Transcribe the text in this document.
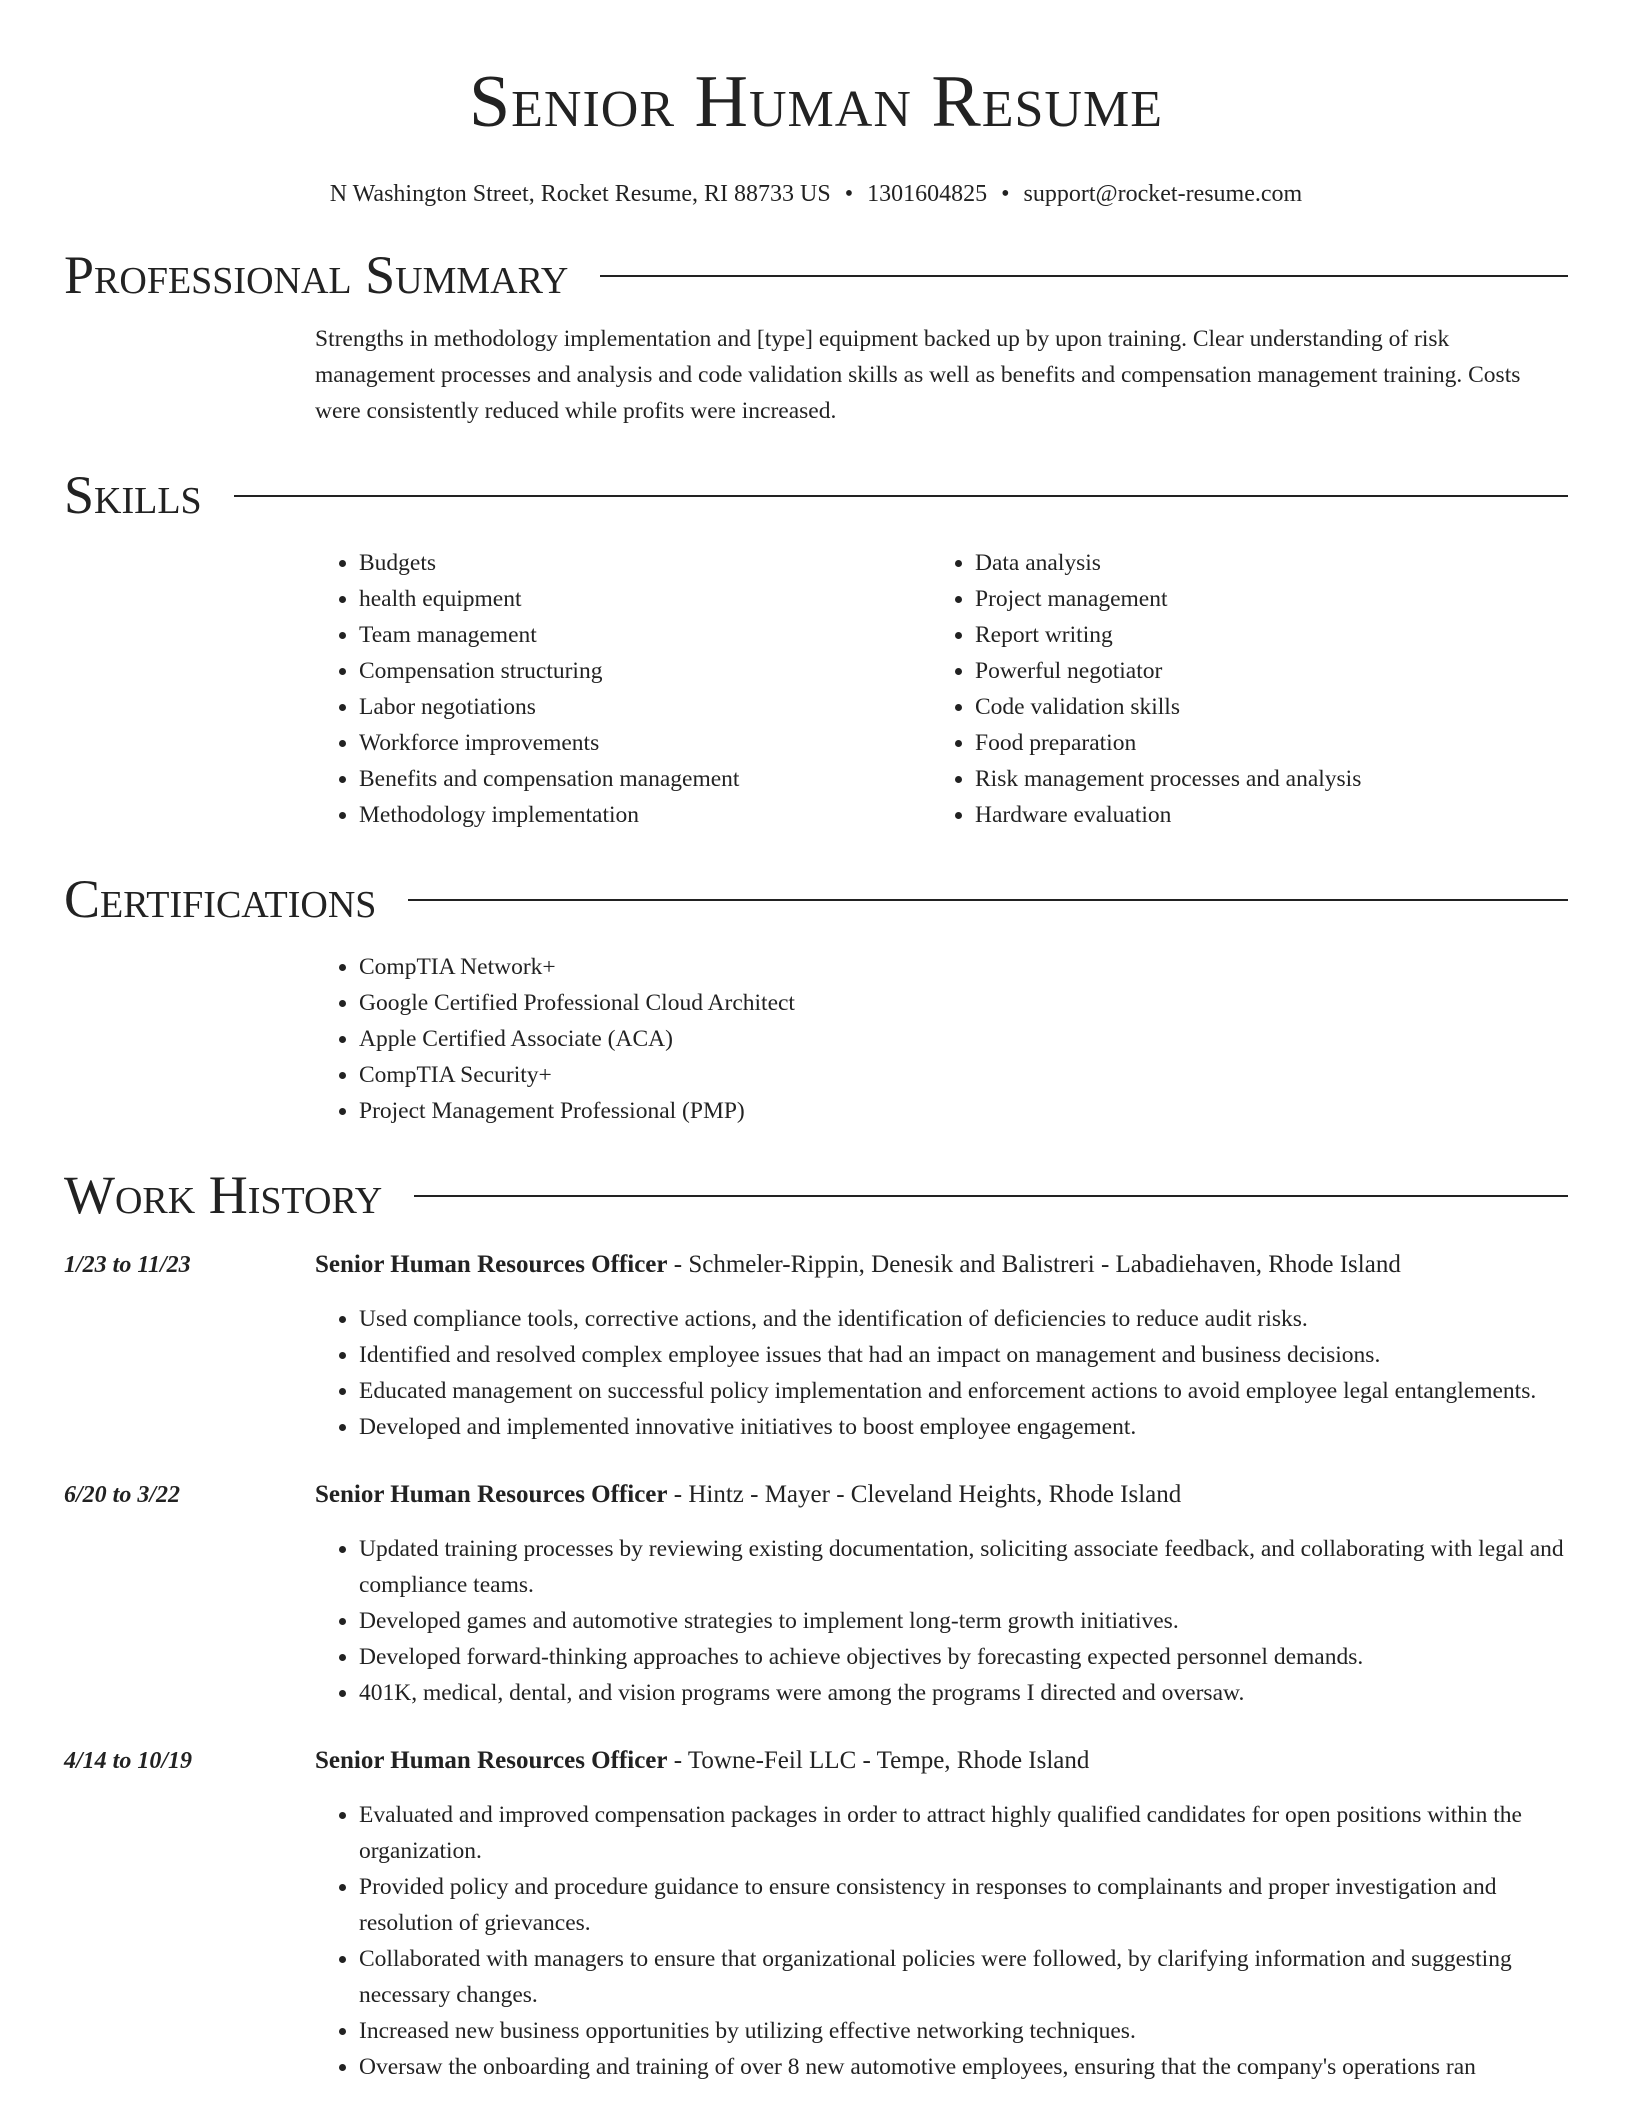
Senior Human Resume
N Washington Street, Rocket Resume, RI 88733 US • 1301604825 • support@rocket-resume.com
Professional Summary
Strengths in methodology implementation and [type] equipment backed up by upon training. Clear understanding of risk management processes and analysis and code validation skills as well as benefits and compensation management training. Costs were consistently reduced while profits were increased.
Skills
• Budgets
• health equipment
• Team management
• Compensation structuring
• Labor negotiations
• Workforce improvements
• Benefits and compensation management
• Methodology implementation
• Data analysis
• Project management
• Report writing
• Powerful negotiator
• Code validation skills
• Food preparation
• Risk management processes and analysis
• Hardware evaluation
Certifications
• CompTIA Network+
• Google Certified Professional Cloud Architect
• Apple Certified Associate (ACA)
• CompTIA Security+
• Project Management Professional (PMP)
Work History
1/23 to 11/23	Senior Human Resources Officer - Schmeler-Rippin, Denesik and Balistreri - Labadiehaven, Rhode Island
• Used compliance tools, corrective actions, and the identification of deficiencies to reduce audit risks.
• Identified and resolved complex employee issues that had an impact on management and business decisions.
• Educated management on successful policy implementation and enforcement actions to avoid employee legal entanglements.
• Developed and implemented innovative initiatives to boost employee engagement.
6/20 to 3/22	Senior Human Resources Officer - Hintz - Mayer - Cleveland Heights, Rhode Island
• Updated training processes by reviewing existing documentation, soliciting associate feedback, and collaborating with legal and compliance teams.
• Developed games and automotive strategies to implement long-term growth initiatives.
• Developed forward-thinking approaches to achieve objectives by forecasting expected personnel demands.
• 401K, medical, dental, and vision programs were among the programs I directed and oversaw.
4/14 to 10/19	Senior Human Resources Officer - Towne-Feil LLC - Tempe, Rhode Island
• Evaluated and improved compensation packages in order to attract highly qualified candidates for open positions within the organization.
• Provided policy and procedure guidance to ensure consistency in responses to complainants and proper investigation and resolution of grievances.
• Collaborated with managers to ensure that organizational policies were followed, by clarifying information and suggesting necessary changes.
• Increased new business opportunities by utilizing effective networking techniques.
• Oversaw the onboarding and training of over 8 new automotive employees, ensuring that the company's operations ran
